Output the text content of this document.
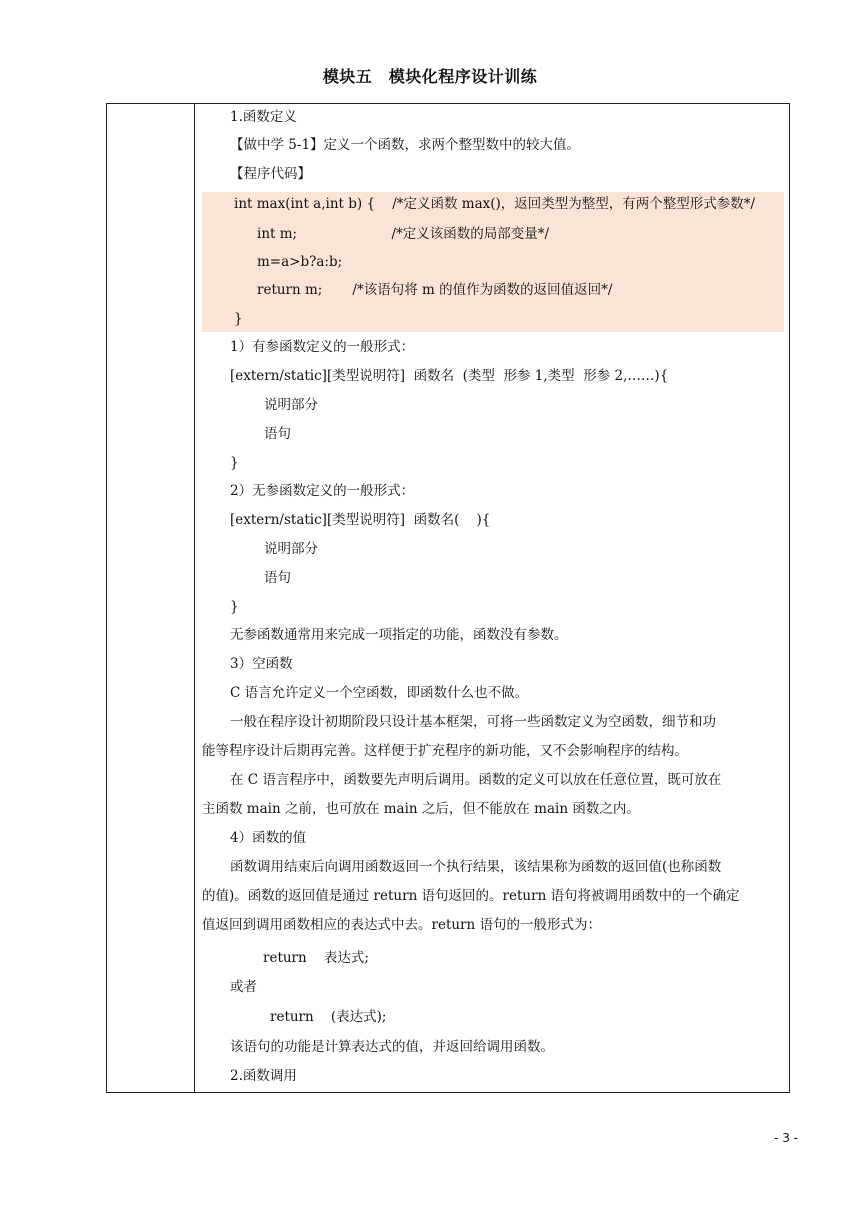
模块五　模块化程序设计训练
1.函数定义
【做中学 5-1】定义一个函数，求两个整型数中的较大值。
【程序代码】
int max(int a,int b) {    /*定义函数 max()，返回类型为整型，有两个整型形式参数*/
int m;                      /*定义该函数的局部变量*/
m=a>b?a:b;
return m;       /*该语句将 m 的值作为函数的返回值返回*/
}
1）有参函数定义的一般形式：
[extern/static][类型说明符]  函数名  (类型  形参 1,类型  形参 2,……){
说明部分
语句
}
2）无参函数定义的一般形式：
[extern/static][类型说明符]  函数名(    ){
说明部分
语句
}
无参函数通常用来完成一项指定的功能，函数没有参数。
3）空函数
C 语言允许定义一个空函数，即函数什么也不做。
一般在程序设计初期阶段只设计基本框架，可将一些函数定义为空函数，细节和功
能等程序设计后期再完善。这样便于扩充程序的新功能，又不会影响程序的结构。
在 C 语言程序中，函数要先声明后调用。函数的定义可以放在任意位置，既可放在
主函数 main 之前，也可放在 main 之后，但不能放在 main 函数之内。
4）函数的值
函数调用结束后向调用函数返回一个执行结果，该结果称为函数的返回值(也称函数
的值)。函数的返回值是通过 return 语句返回的。return 语句将被调用函数中的一个确定
值返回到调用函数相应的表达式中去。return 语句的一般形式为：
return    表达式;
或者
return    (表达式);
该语句的功能是计算表达式的值，并返回给调用函数。
2.函数调用
- 3 -
